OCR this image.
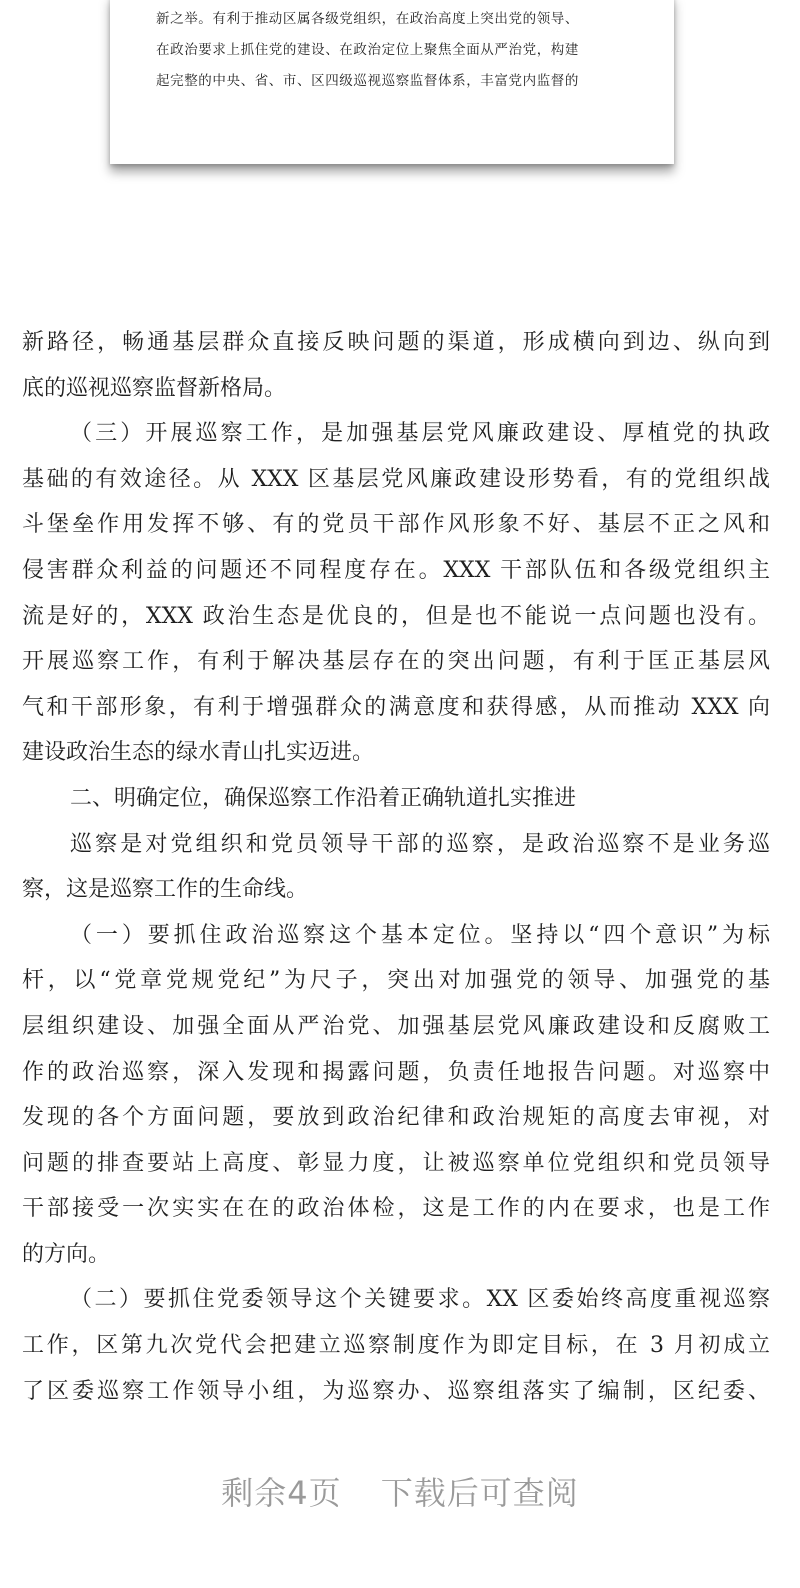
新之举。有利于推动区属各级党组织，在政治高度上突出党的领导、
在政治要求上抓住党的建设、在政治定位上聚焦全面从严治党，构建
起完整的中央、省、市、区四级巡视巡察监督体系，丰富党内监督的
新路径，畅通基层群众直接反映问题的渠道，形成横向到边、纵向到
底的巡视巡察监督新格局。
（三）开展巡察工作，是加强基层党风廉政建设、厚植党的执政
基础的有效途径。从 XXX 区基层党风廉政建设形势看，有的党组织战
斗堡垒作用发挥不够、有的党员干部作风形象不好、基层不正之风和
侵害群众利益的问题还不同程度存在。XXX 干部队伍和各级党组织主
流是好的，XXX 政治生态是优良的，但是也不能说一点问题也没有。
开展巡察工作，有利于解决基层存在的突出问题，有利于匡正基层风
气和干部形象，有利于增强群众的满意度和获得感，从而推动 XXX 向
建设政治生态的绿水青山扎实迈进。
二、明确定位，确保巡察工作沿着正确轨道扎实推进
巡察是对党组织和党员领导干部的巡察，是政治巡察不是业务巡
察，这是巡察工作的生命线。
（一）要抓住政治巡察这个基本定位。坚持以“四个意识”为标
杆，以“党章党规党纪”为尺子，突出对加强党的领导、加强党的基
层组织建设、加强全面从严治党、加强基层党风廉政建设和反腐败工
作的政治巡察，深入发现和揭露问题，负责任地报告问题。对巡察中
发现的各个方面问题，要放到政治纪律和政治规矩的高度去审视，对
问题的排查要站上高度、彰显力度，让被巡察单位党组织和党员领导
干部接受一次实实在在的政治体检，这是工作的内在要求，也是工作
的方向。
（二）要抓住党委领导这个关键要求。XX 区委始终高度重视巡察
工作，区第九次党代会把建立巡察制度作为即定目标，在 3 月初成立
了区委巡察工作领导小组，为巡察办、巡察组落实了编制，区纪委、
剩余4页 下载后可查阅
